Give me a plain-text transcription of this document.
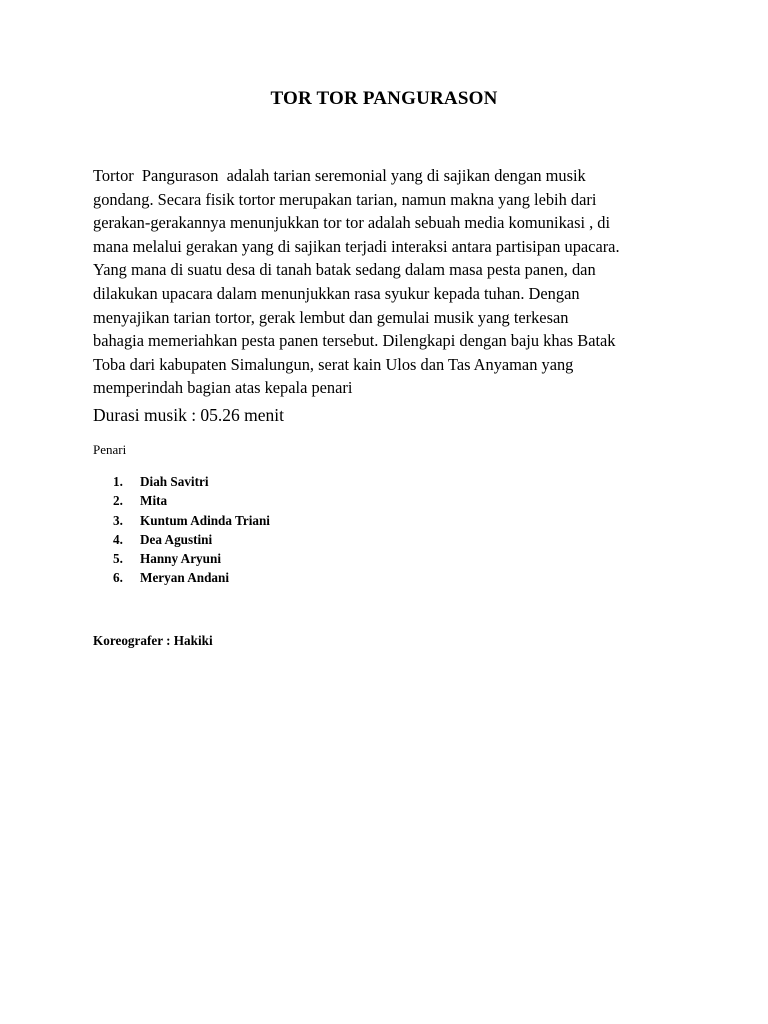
TOR TOR PANGURASON
Tortor  Pangurason  adalah tarian seremonial yang di sajikan dengan musik
gondang. Secara fisik tortor merupakan tarian, namun makna yang lebih dari
gerakan-gerakannya menunjukkan tor tor adalah sebuah media komunikasi , di
mana melalui gerakan yang di sajikan terjadi interaksi antara partisipan upacara.
Yang mana di suatu desa di tanah batak sedang dalam masa pesta panen, dan
dilakukan upacara dalam menunjukkan rasa syukur kepada tuhan. Dengan
menyajikan tarian tortor, gerak lembut dan gemulai musik yang terkesan
bahagia memeriahkan pesta panen tersebut. Dilengkapi dengan baju khas Batak
Toba dari kabupaten Simalungun, serat kain Ulos dan Tas Anyaman yang
memperindah bagian atas kepala penari
Durasi musik : 05.26 menit
Penari
1. Diah Savitri
2. Mita
3. Kuntum Adinda Triani
4. Dea Agustini
5. Hanny Aryuni
6. Meryan Andani
Koreografer : Hakiki
